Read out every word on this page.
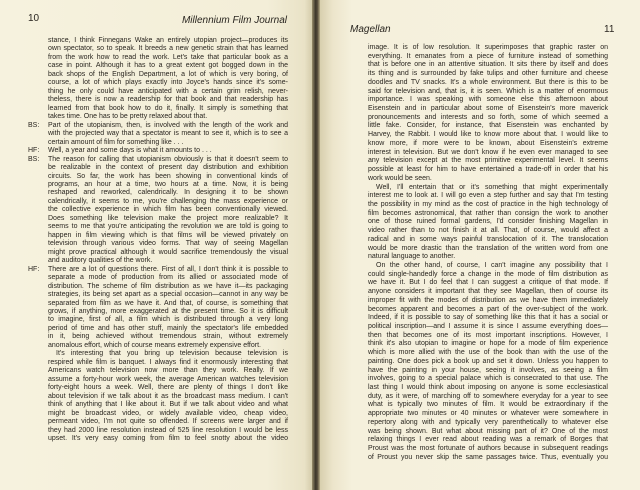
10	Millennium Film Journal
stance, I think Finnegans Wake an entirely utopian project—produces its
own spectator, so to speak. It breeds a new genetic strain that has learned
from the work how to read the work. Let's take that particular book as a
case in point. Although it has to a great extent got bogged down in the
back shops of the English Department, a lot of which is very boring, of
course, a lot of which plays exactly into Joyce's hands since it's some-
thing he only could have anticipated with a certain grim relish, never-
theless, there is now a readership for that book and that readership has
learned from that book how to do it, finally. It simply is something that
takes time. One has to be pretty relaxed about that.
BS: Part of the utopianism, then, is involved with the length of the work and
with the projected way that a spectator is meant to see it, which is to see a
certain amount of film for something like . . .
HF: Well, a year and some days is what it amounts to . . .
BS: The reason for calling that utopianism obviously is that it doesn't seem to
be realizable in the context of present day distribution and exhibition
circuits. So far, the work has been showing in conventional kinds of
programs, an hour at a time, two hours at a time. Now, it is being
reshaped and reworked, calendrically. In designing it to be shown
calendrically, it seems to me, you're challenging the mass experience or
the collective experience in which film has been conventionally viewed.
Does something like television make the project more realizable? It
seems to me that you're anticipating the revolution we are told is going to
happen in film viewing which is that films will be viewed privately on
television through various video forms. That way of seeing Magellan
might prove practical although it would sacrifice tremendously the visual
and auditory qualities of the work.
HF: There are a lot of questions there. First of all, I don't think it is possible to
separate a mode of production from its allied or associated mode of
distribution. The scheme of film distribution as we have it—its packaging
strategies, its being set apart as a special occasion—cannot in any way be
separated from film as we have it. And that, of course, is something that
grows, if anything, more exaggerated at the present time. So it is difficult
to imagine, first of all, a film which is distributed through a very long
period of time and has other stuff, mainly the spectator's life embedded
in it, being achieved without tremendous strain, without extremely
anomalous effort, which of course means extremely expensive effort.
It's interesting that you bring up television because television is
respired while film is banquet. I always find it enormously interesting that
Americans watch television now more than they work. Really. If we
assume a forty-hour work week, the average American watches television
forty-eight hours a week. Well, there are plenty of things I don't like
about television if we talk about it as the broadcast mass medium. I can't
think of anything that I like about it. But if we talk about video and what
might be broadcast video, or widely available video, cheap video,
permeant video, I'm not quite so offended. If screens were larger and if
they had 2000 line resolution instead of 525 line resolution I would be less
upset. It's very easy coming from film to feel snotty about the video
Magellan	11
image. It is of low resolution. It superimposes that graphic raster on
everything. It emanates from a piece of furniture instead of something
that is before one in an attentive situation. It sits there by itself and does
its thing and is surrounded by fake tulips and other furniture and cheese
doodles and TV snacks. It's a whole environment. But there is this to be
said for television and, that is, it is seen. Which is a matter of enormous
importance. I was speaking with someone else this afternoon about
Eisenstein and in particular about some of Eisenstein's more maverick
pronouncements and interests and so forth, some of which seemed a
little fake. Consider, for instance, that Eisenstein was enchanted by
Harvey, the Rabbit. I would like to know more about that. I would like to
know more, if more were to be known, about Eisenstein's extreme
interest in television. But we don't know if he even ever managed to see
any television except at the most primitive experimental level. It seems
possible at least for him to have entertained a trade-off in order that his
work would be seen.
Well, I'll entertain that or it's something that might experimentally
interest me to look at. I will go even a step further and say that I'm testing
the possibility in my mind as the cost of practice in the high technology of
film becomes astronomical, that rather than consign the work to another
one of those ruined formal gardens, I'd consider finishing Magellan in
video rather than to not finish it at all. That, of course, would affect a
radical and in some ways painful translocation of it. The translocation
would be more drastic than the translation of the written word from one
natural language to another.
On the other hand, of course, I can't imagine any possibility that I
could single-handedly force a change in the mode of film distribution as
we have it. But I do feel that I can suggest a critique of that mode. If
anyone considers it important that they see Magellan, then of course its
improper fit with the modes of distribution as we have them immediately
becomes apparent and becomes a part of the over-subject of the work.
Indeed, if it is possible to say of something like this that it has a social or
political inscription—and I assume it is since I assume everything does—
then that becomes one of its most important inscriptions. However, I
think it's also utopian to imagine or hope for a mode of film experience
which is more allied with the use of the book than with the use of the
painting. One does pick a book up and set it down. Unless you happen to
have the painting in your house, seeing it involves, as seeing a film
involves, going to a special palace which is consecrated to that use. The
last thing I would think about imposing on anyone is some ecclesiastical
duty, as it were, of marching off to somewhere everyday for a year to see
what is typically two minutes of film. It would be extraordinary if the
appropriate two minutes or 40 minutes or whatever were somewhere in
repertory along with and typically very parenthetically to whatever else
was being shown. But what about missing part of it? One of the most
relaxing things I ever read about reading was a remark of Borges that
Proust was the most fortunate of authors because in subsequent readings
of Proust you never skip the same passages twice. Thus, eventually you
